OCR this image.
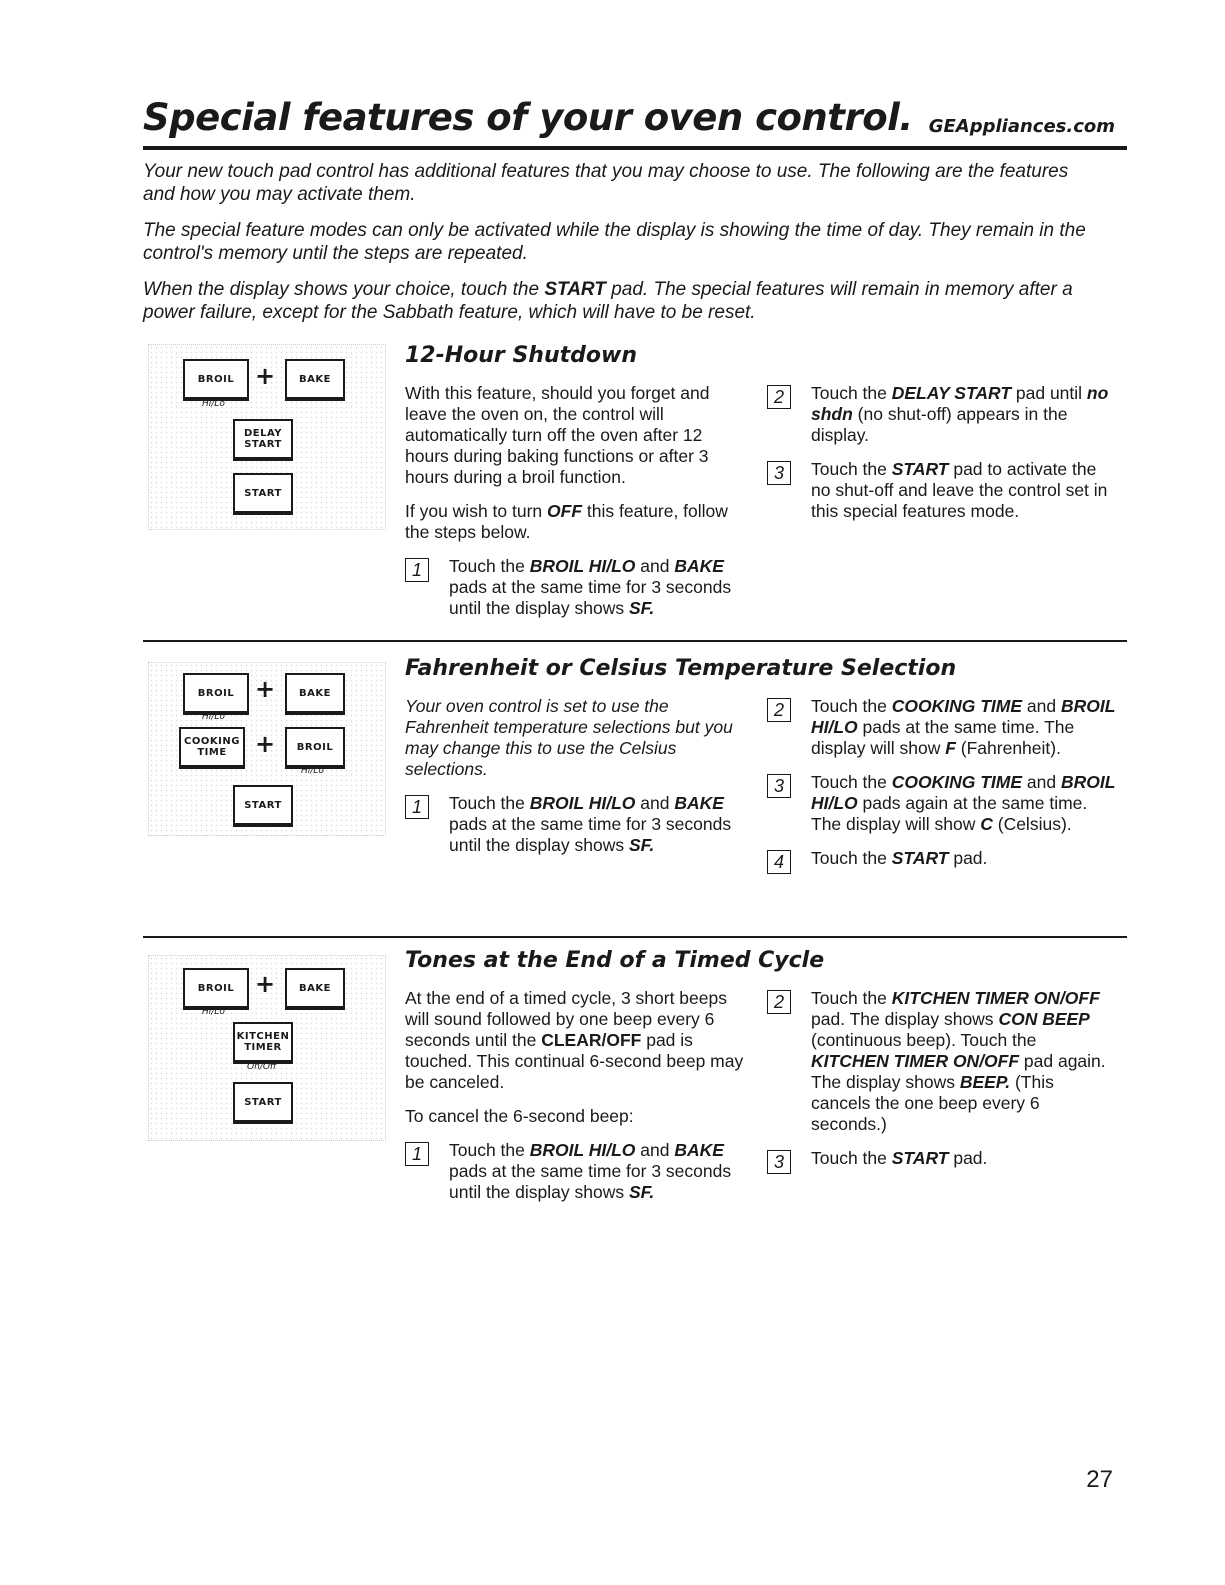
Special features of your oven control. GEAppliances.com

Your new touch pad control has additional features that you may choose to use. The following are the features and how you may activate them.

The special feature modes can only be activated while the display is showing the time of day. They remain in the control's memory until the steps are repeated.

When the display shows your choice, touch the START pad. The special features will remain in memory after a power failure, except for the Sabbath feature, which will have to be reset.

BROIL
Hi/Lo
+	BAKE
DELAY START
START
12-Hour Shutdown

With this feature, should you forget and leave the oven on, the control will automatically turn off the oven after 12 hours during baking functions or after 3 hours during a broil function.

If you wish to turn OFF this feature, follow the steps below.

1	Touch the BROIL HI/LO and BAKE pads at the same time for 3 seconds until the display shows SF.
2	Touch the DELAY START pad until no shdn (no shut-off) appears in the display.
3	Touch the START pad to activate the no shut-off and leave the control set in this special features mode.
BROIL
Hi/Lo
+	BAKE
COOKING TIME	+	BROIL
Hi/Lo
START
Fahrenheit or Celsius Temperature Selection

Your oven control is set to use the Fahrenheit temperature selections but you may change this to use the Celsius selections.

1	Touch the BROIL HI/LO and BAKE pads at the same time for 3 seconds until the display shows SF.
2	Touch the COOKING TIME and BROIL HI/LO pads at the same time. The display will show F (Fahrenheit).
3	Touch the COOKING TIME and BROIL HI/LO pads again at the same time. The display will show C (Celsius).
4	Touch the START pad.
BROIL
Hi/Lo
+	BAKE
KITCHEN TIMER
On/Off
START
Tones at the End of a Timed Cycle

At the end of a timed cycle, 3 short beeps will sound followed by one beep every 6 seconds until the CLEAR/OFF pad is touched. This continual 6-second beep may be canceled.

To cancel the 6-second beep:

1	Touch the BROIL HI/LO and BAKE pads at the same time for 3 seconds until the display shows SF.
2	Touch the KITCHEN TIMER ON/OFF pad. The display shows CON BEEP (continuous beep). Touch the KITCHEN TIMER ON/OFF pad again. The display shows BEEP. (This cancels the one beep every 6 seconds.)
3	Touch the START pad.
27
